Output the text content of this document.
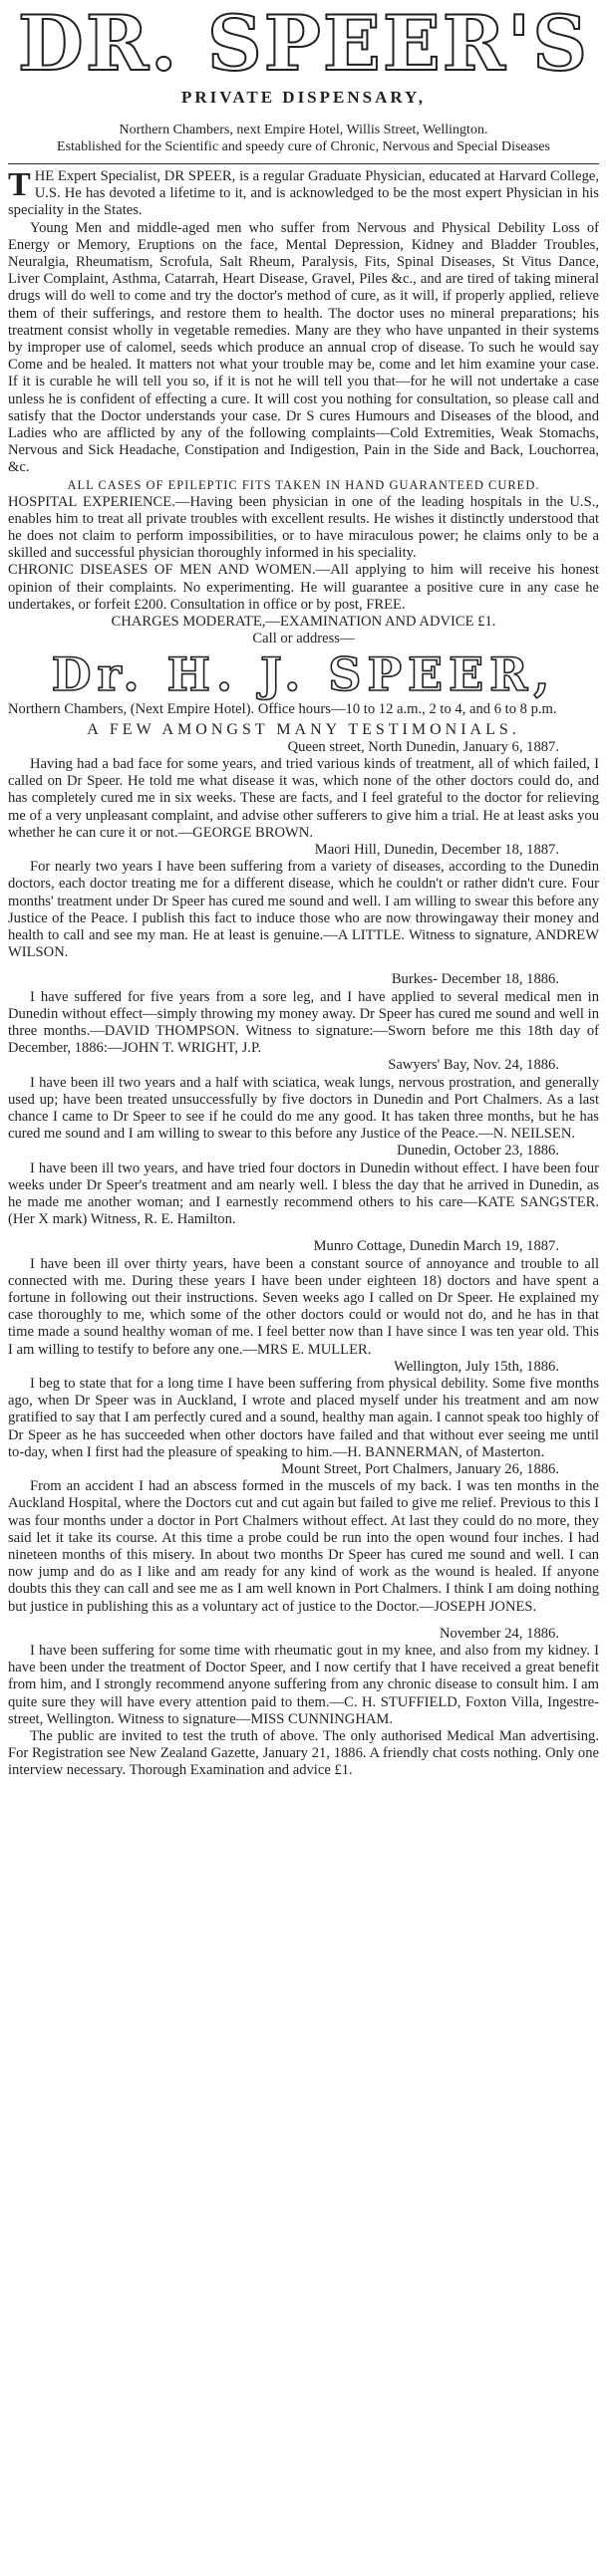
DR. SPEER'S
PRIVATE DISPENSARY,
Northern Chambers, next Empire Hotel, Willis Street, Wellington.
Established for the Scientific and speedy cure of Chronic, Nervous and Special Diseases

THE Expert Specialist, DR SPEER, is a regular Graduate Physician, educated at Harvard College, U.S. He has devoted a lifetime to it, and is acknowledged to be the most expert Physician in his speciality in the States.

Young Men and middle-aged men who suffer from Nervous and Physical Debility Loss of Energy or Memory, Eruptions on the face, Mental Depression, Kidney and Bladder Troubles, Neuralgia, Rheumatism, Scrofula, Salt Rheum, Paralysis, Fits, Spinal Diseases, St Vitus Dance, Liver Complaint, Asthma, Catarrah, Heart Disease, Gravel, Piles &c., and are tired of taking mineral drugs will do well to come and try the doctor's method of cure, as it will, if properly applied, relieve them of their sufferings, and restore them to health. The doctor uses no mineral preparations; his treatment consist wholly in vegetable remedies. Many are they who have unpanted in their systems by improper use of calomel, seeds which produce an annual crop of disease. To such he would say Come and be healed. It matters not what your trouble may be, come and let him examine your case. If it is curable he will tell you so, if it is not he will tell you that—for he will not undertake a case unless he is confident of effecting a cure. It will cost you nothing for consultation, so please call and satisfy that the Doctor understands your case. Dr S cures Humours and Diseases of the blood, and Ladies who are afflicted by any of the following complaints—Cold Extremities, Weak Stomachs, Nervous and Sick Headache, Constipation and Indigestion, Pain in the Side and Back, Louchorrea, &c.

ALL CASES OF EPILEPTIC FITS TAKEN IN HAND GUARANTEED CURED.

HOSPITAL EXPERIENCE.—Having been physician in one of the leading hospitals in the U.S., enables him to treat all private troubles with excellent results. He wishes it distinctly understood that he does not claim to perform impossibilities, or to have miraculous power; he claims only to be a skilled and successful physician thoroughly informed in his speciality.

CHRONIC DISEASES OF MEN AND WOMEN.—All applying to him will receive his honest opinion of their complaints. No experimenting. He will guarantee a positive cure in any case he undertakes, or forfeit £200. Consultation in office or by post, FREE.

CHARGES MODERATE,—EXAMINATION AND ADVICE £1.
Call or address—
Dr. H. J. SPEER,

Northern Chambers, (Next Empire Hotel). Office hours—10 to 12 a.m., 2 to 4, and 6 to 8 p.m.

A FEW AMONGST MANY TESTIMONIALS.
Queen street, North Dunedin, January 6, 1887.

Having had a bad face for some years, and tried various kinds of treatment, all of which failed, I called on Dr Speer. He told me what disease it was, which none of the other doctors could do, and has completely cured me in six weeks. These are facts, and I feel grateful to the doctor for relieving me of a very unpleasant complaint, and advise other sufferers to give him a trial. He at least asks you whether he can cure it or not.—GEORGE BROWN.

Maori Hill, Dunedin, December 18, 1887.

For nearly two years I have been suffering from a variety of diseases, according to the Dunedin doctors, each doctor treating me for a different disease, which he couldn't or rather didn't cure. Four months' treatment under Dr Speer has cured me sound and well. I am willing to swear this before any Justice of the Peace. I publish this fact to induce those who are now throwingaway their money and health to call and see my man. He at least is genuine.—A LITTLE. Witness to signature, ANDREW WILSON.

Burkes- December 18, 1886.

I have suffered for five years from a sore leg, and I have applied to several medical men in Dunedin without effect—simply throwing my money away. Dr Speer has cured me sound and well in three months.—DAVID THOMPSON. Witness to signature:—Sworn before me this 18th day of December, 1886:—JOHN T. WRIGHT, J.P.

Sawyers' Bay, Nov. 24, 1886.

I have been ill two years and a half with sciatica, weak lungs, nervous prostration, and generally used up; have been treated unsuccessfully by five doctors in Dunedin and Port Chalmers. As a last chance I came to Dr Speer to see if he could do me any good. It has taken three months, but he has cured me sound and I am willing to swear to this before any Justice of the Peace.—N. NEILSEN.

Dunedin, October 23, 1886.

I have been ill two years, and have tried four doctors in Dunedin without effect. I have been four weeks under Dr Speer's treatment and am nearly well. I bless the day that he arrived in Dunedin, as he made me another woman; and I earnestly recommend others to his care—KATE SANGSTER. (Her X mark) Witness, R. E. Hamilton.

Munro Cottage, Dunedin March 19, 1887.

I have been ill over thirty years, have been a constant source of annoyance and trouble to all connected with me. During these years I have been under eighteen 18) doctors and have spent a fortune in following out their instructions. Seven weeks ago I called on Dr Speer. He explained my case thoroughly to me, which some of the other doctors could or would not do, and he has in that time made a sound healthy woman of me. I feel better now than I have since I was ten year old. This I am willing to testify to before any one.—MRS E. MULLER.

Wellington, July 15th, 1886.

I beg to state that for a long time I have been suffering from physical debility. Some five months ago, when Dr Speer was in Auckland, I wrote and placed myself under his treatment and am now gratified to say that I am perfectly cured and a sound, healthy man again. I cannot speak too highly of Dr Speer as he has succeeded when other doctors have failed and that without ever seeing me until to-day, when I first had the pleasure of speaking to him.—H. BANNERMAN, of Masterton.

Mount Street, Port Chalmers, January 26, 1886.

From an accident I had an abscess formed in the muscels of my back. I was ten months in the Auckland Hospital, where the Doctors cut and cut again but failed to give me relief. Previous to this I was four months under a doctor in Port Chalmers without effect. At last they could do no more, they said let it take its course. At this time a probe could be run into the open wound four inches. I had nineteen months of this misery. In about two months Dr Speer has cured me sound and well. I can now jump and do as I like and am ready for any kind of work as the wound is healed. If anyone doubts this they can call and see me as I am well known in Port Chalmers. I think I am doing nothing but justice in publishing this as a voluntary act of justice to the Doctor.—JOSEPH JONES.

November 24, 1886.

I have been suffering for some time with rheumatic gout in my knee, and also from my kidney. I have been under the treatment of Doctor Speer, and I now certify that I have received a great benefit from him, and I strongly recommend anyone suffering from any chronic disease to consult him. I am quite sure they will have every attention paid to them.—C. H. STUFFIELD, Foxton Villa, Ingestre-street, Wellington. Witness to signature—MISS CUNNINGHAM.

The public are invited to test the truth of above. The only authorised Medical Man advertising. For Registration see New Zealand Gazette, January 21, 1886. A friendly chat costs nothing. Only one interview necessary. Thorough Examination and advice £1.
